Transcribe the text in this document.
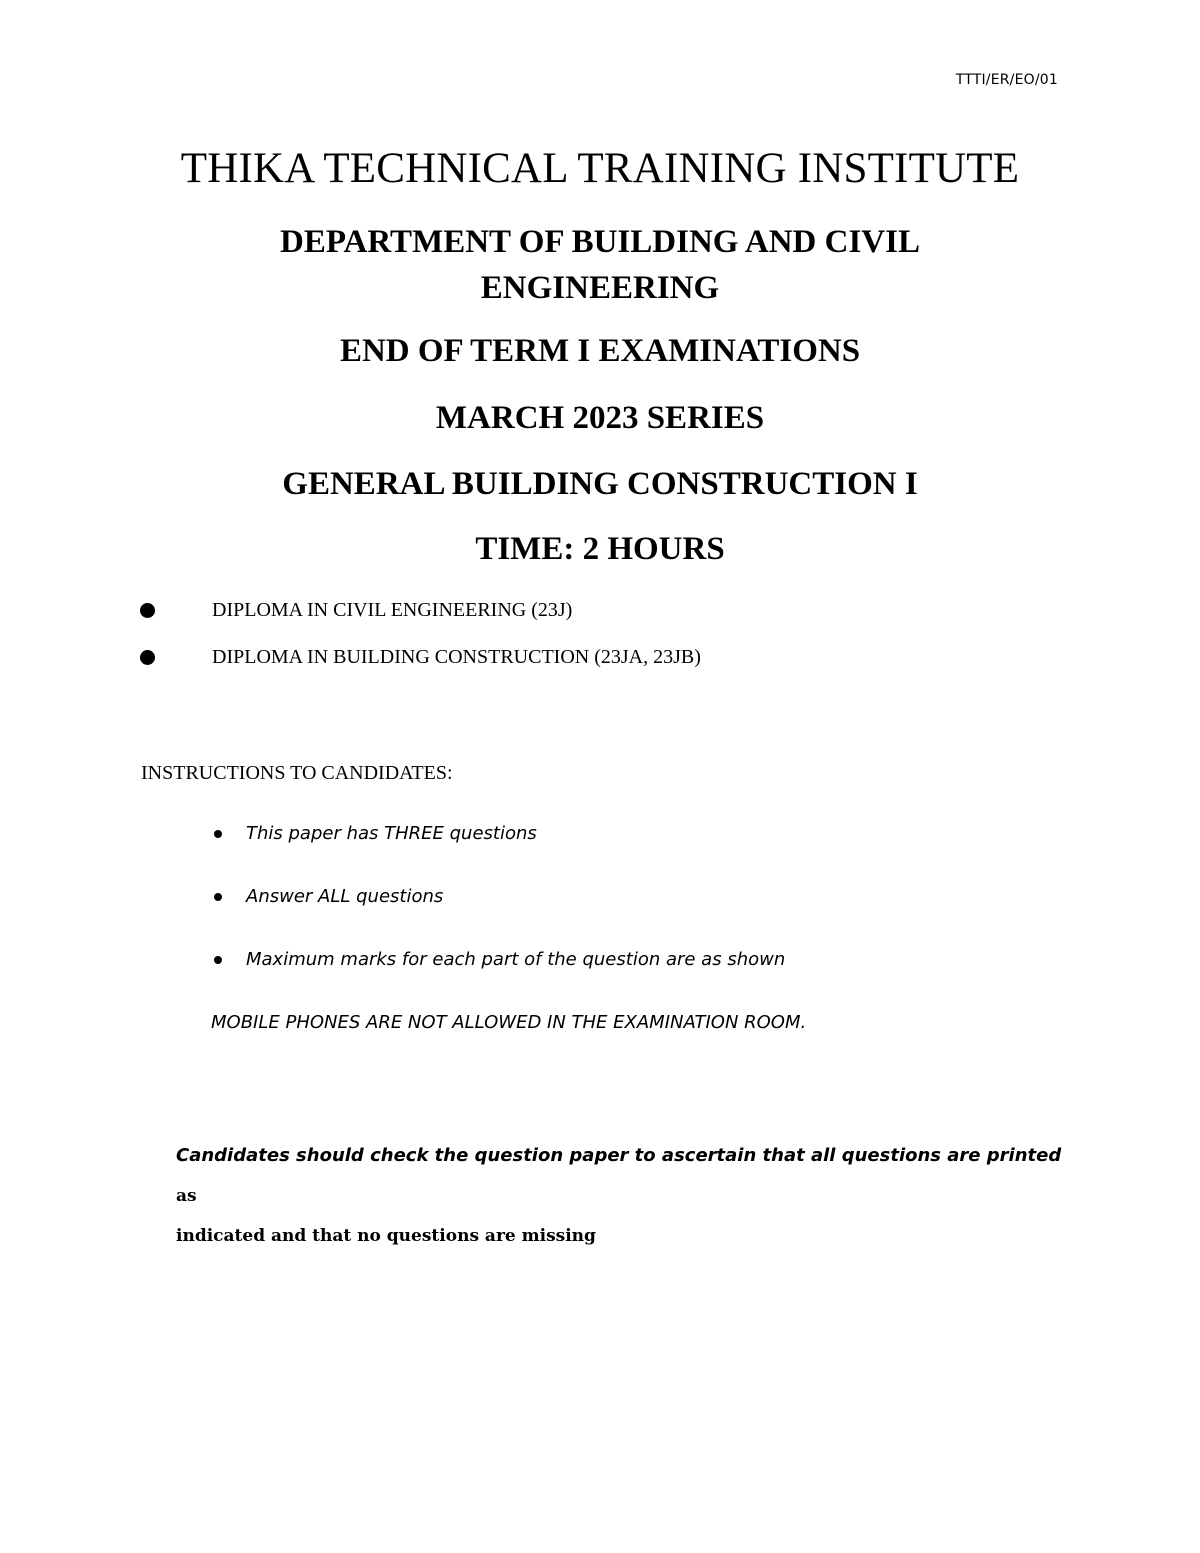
TTTI/ER/EO/01
THIKA TECHNICAL TRAINING INSTITUTE
DEPARTMENT OF BUILDING AND CIVIL
ENGINEERING
END OF TERM I EXAMINATIONS
MARCH 2023 SERIES
GENERAL BUILDING CONSTRUCTION I
TIME: 2 HOURS
DIPLOMA IN CIVIL ENGINEERING (23J)
DIPLOMA IN BUILDING CONSTRUCTION (23JA, 23JB)
INSTRUCTIONS TO CANDIDATES:
This paper has THREE questions
Answer ALL questions
Maximum marks for each part of the question are as shown
MOBILE PHONES ARE NOT ALLOWED IN THE EXAMINATION ROOM.
Candidates should check the question paper to ascertain that all questions are printed as
indicated and that no questions are missing
